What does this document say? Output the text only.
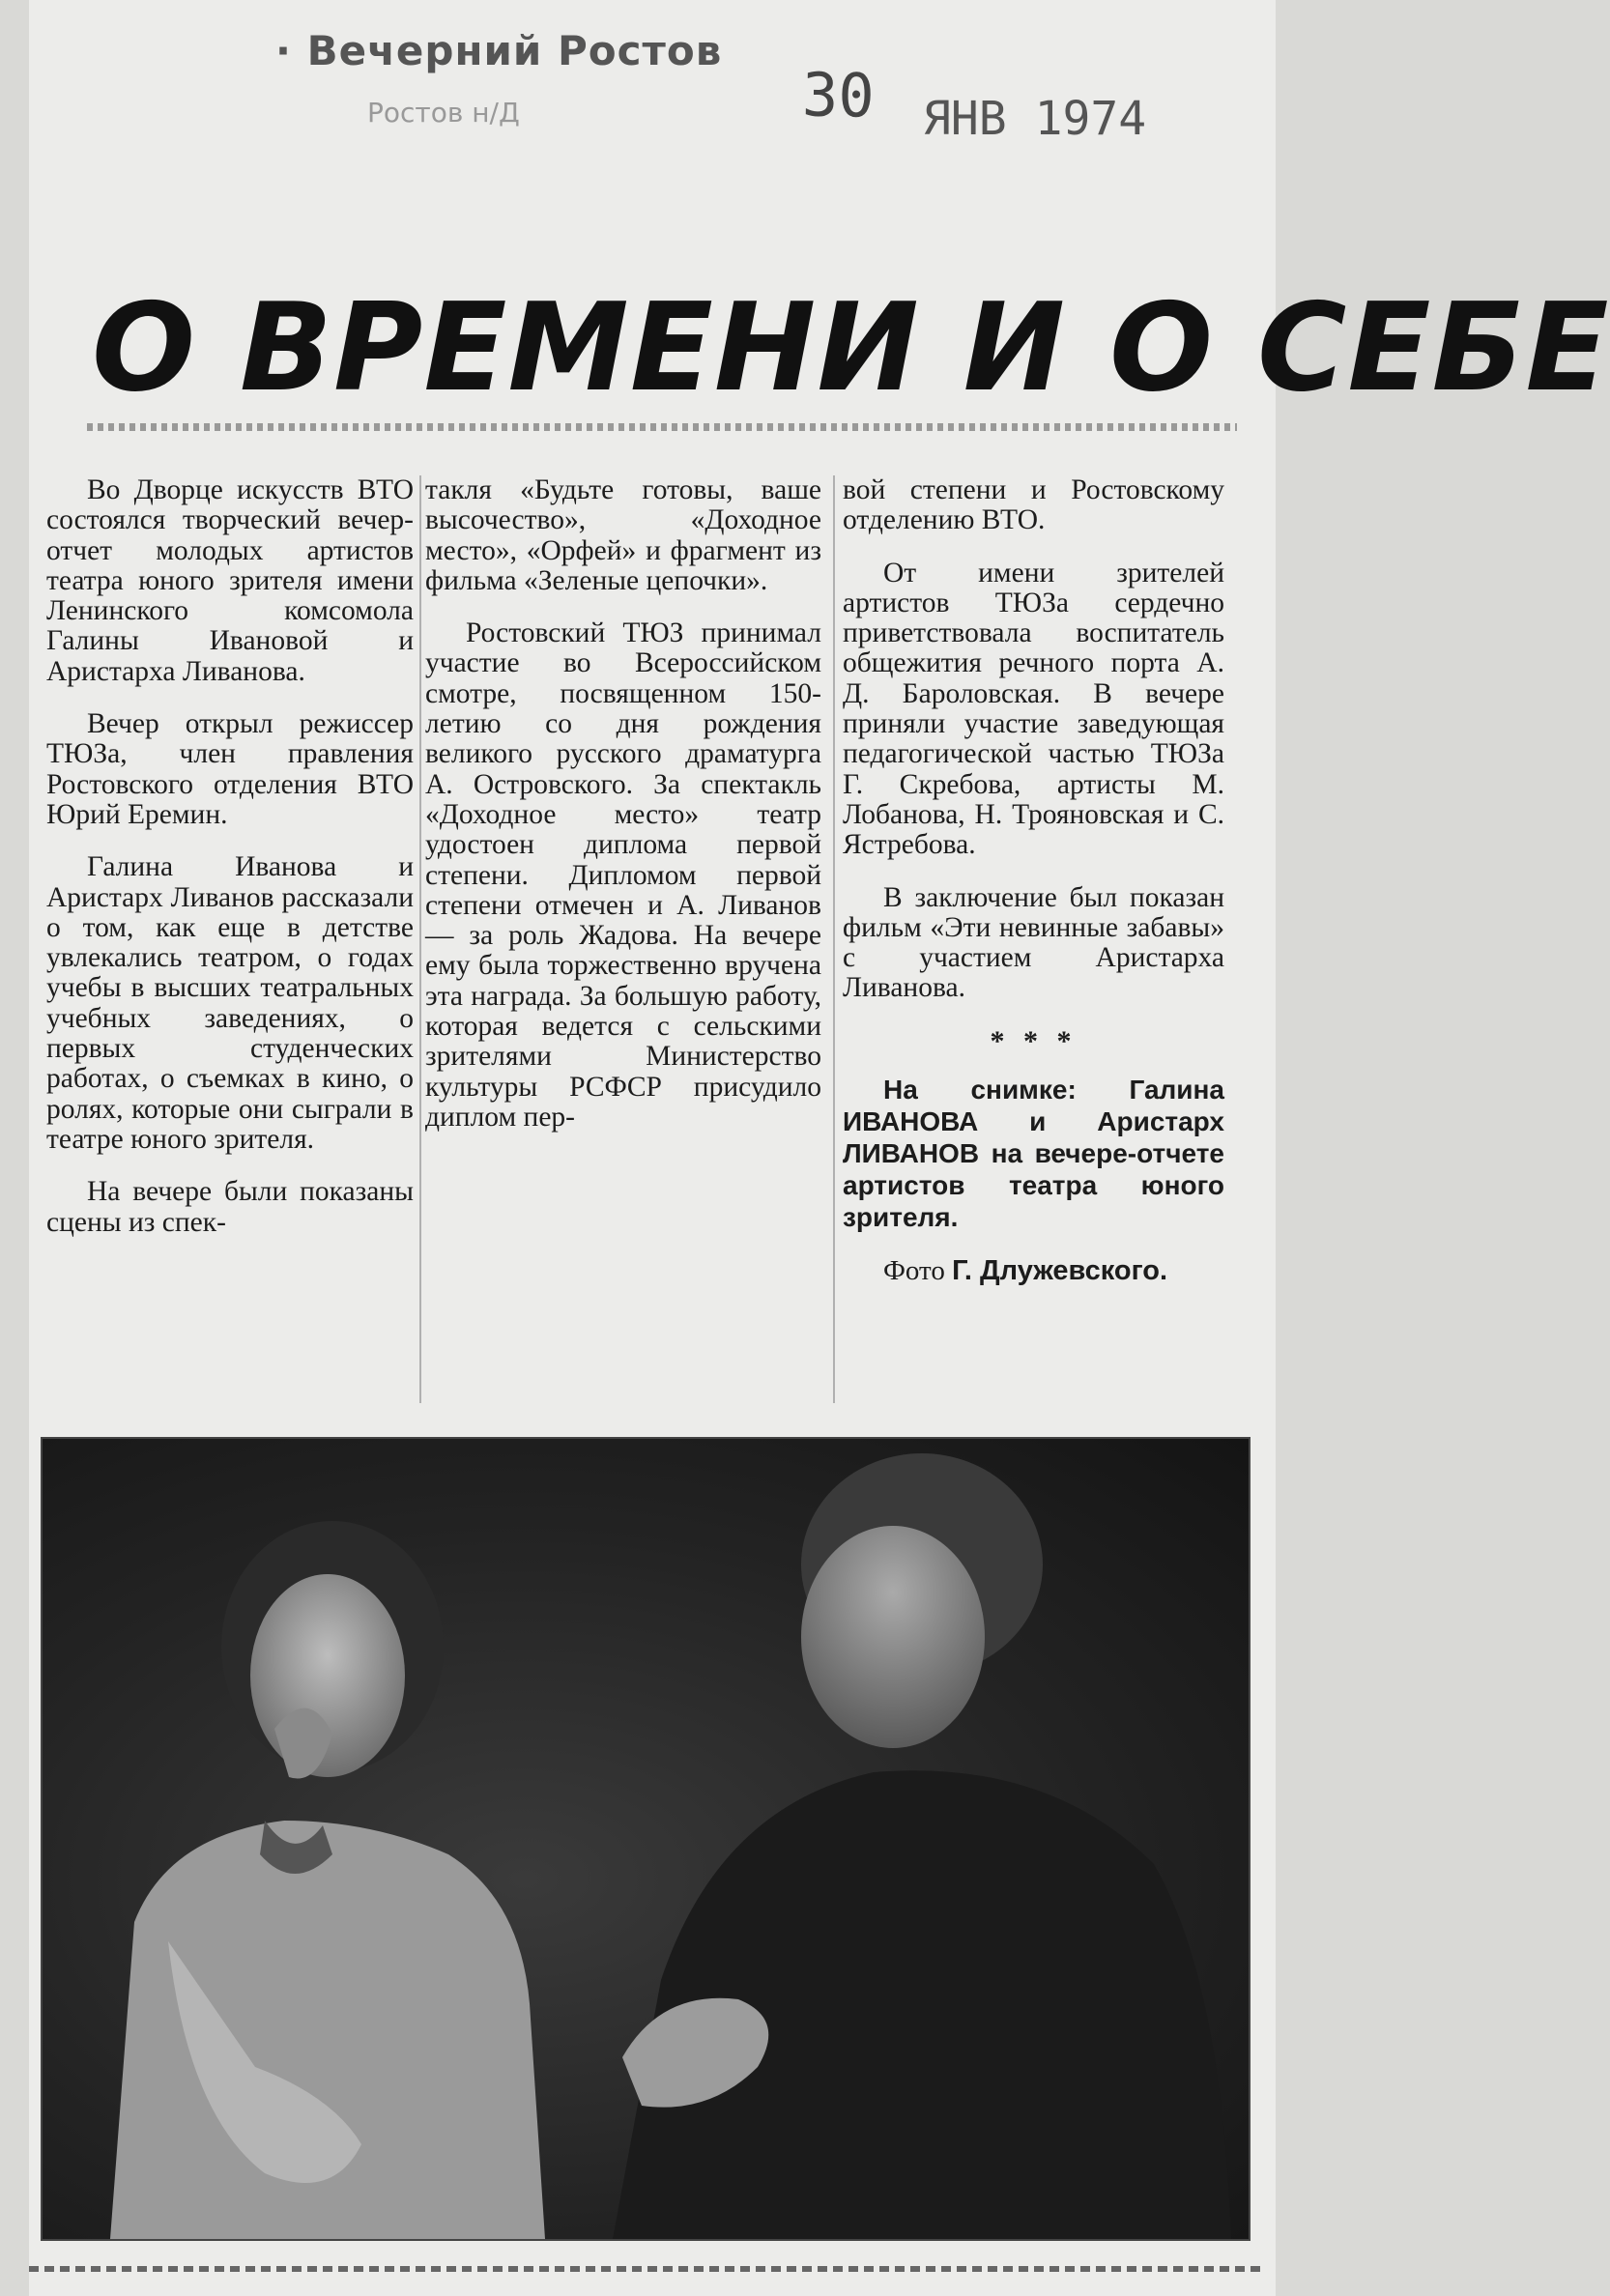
· Вечерний Ростов
Ростов н/Д	30 ЯНВ 1974
О ВРЕМЕНИ И О СЕБЕ

Во Дворце искусств ВТО состоялся творческий вечер-отчет молодых артистов театра юного зрителя имени Ленинского комсомола Галины Ивановой и Аристарха Ливанова.

Вечер открыл режиссер ТЮЗа, член правления Ростовского отделения ВТО Юрий Еремин.

Галина Иванова и Аристарх Ливанов рассказали о том, как еще в детстве увлекались театром, о годах учебы в высших театральных учебных заведениях, о первых студенческих работах, о съемках в кино, о ролях, которые они сыграли в театре юного зрителя.

На вечере были показаны сцены из спек-

такля «Будьте готовы, ваше высочество», «Доходное место», «Орфей» и фрагмент из фильма «Зеленые цепочки».

Ростовский ТЮЗ принимал участие во Всероссийском смотре, посвященном 150-летию со дня рождения великого русского драматурга А. Островского. За спектакль «Доходное место» театр удостоен диплома первой степени. Дипломом первой степени отмечен и А. Ливанов — за роль Жадова. На вечере ему была торжественно вручена эта награда. За большую работу, которая ведется с сельскими зрителями Министерство культуры РСФСР присудило диплом пер-

вой степени и Ростовскому отделению ВТО.

От имени зрителей артистов ТЮЗа сердечно приветствовала воспитатель общежития речного порта А. Д. Бароловская. В вечере приняли участие заведующая педагогической частью ТЮЗа Г. Скребова, артисты М. Лобанова, Н. Трояновская и С. Ястребова.

В заключение был показан фильм «Эти невинные забавы» с участием Аристарха Ливанова.

* * *

На снимке: Галина ИВАНОВА и Аристарх ЛИВАНОВ на вечере-отчете артистов театра юного зрителя.

Фото Г. Длужевского.
